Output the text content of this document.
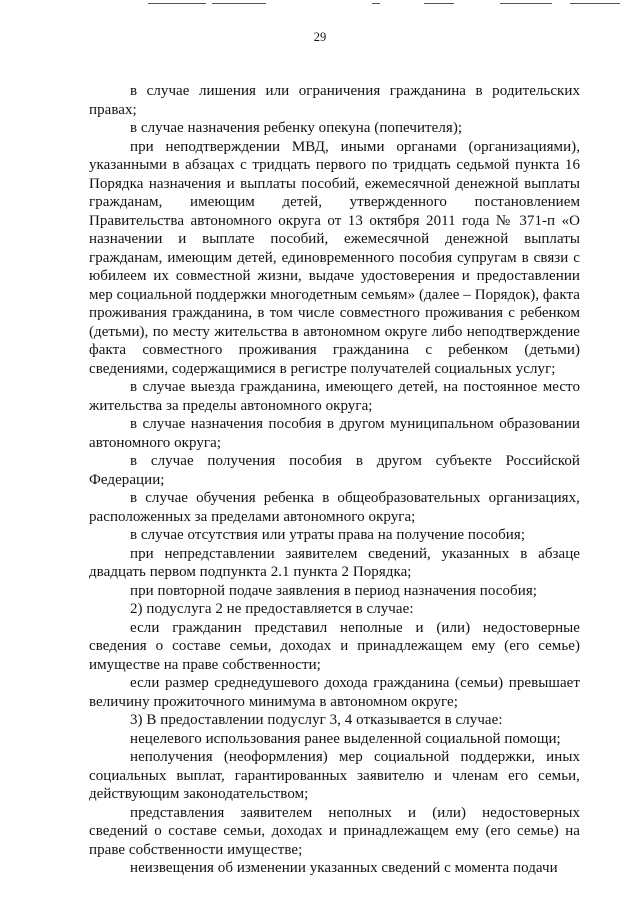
29

в случае лишения или ограничения гражданина в родительских правах;

в случае назначения ребенку опекуна (попечителя);

при неподтверждении МВД, иными органами (организациями), указанными в абзацах с тридцать первого по тридцать седьмой пункта 16 Порядка назначения и выплаты пособий, ежемесячной денежной выплаты гражданам, имеющим детей, утвержденного постановлением Правительства автономного округа от 13 октября 2011 года № 371-п «О назначении и выплате пособий, ежемесячной денежной выплаты гражданам, имеющим детей, единовременного пособия супругам в связи с юбилеем их совместной жизни, выдаче удостоверения и предоставлении мер социальной поддержки многодетным семьям» (далее – Порядок), факта проживания гражданина, в том числе совместного проживания с ребенком (детьми), по месту жительства в автономном округе либо неподтверждение факта совместного проживания гражданина с ребенком (детьми) сведениями, содержащимися в регистре получателей социальных услуг;

в случае выезда гражданина, имеющего детей, на постоянное место жительства за пределы автономного округа;

в случае назначения пособия в другом муниципальном образовании автономного округа;

в случае получения пособия в другом субъекте Российской Федерации;

в случае обучения ребенка в общеобразовательных организациях, расположенных за пределами автономного округа;

в случае отсутствия или утраты права на получение пособия;

при непредставлении заявителем сведений, указанных в абзаце двадцать первом подпункта 2.1 пункта 2 Порядка;

при повторной подаче заявления в период назначения пособия;

2) подуслуга 2 не предоставляется в случае:

если гражданин представил неполные и (или) недостоверные сведения о составе семьи, доходах и принадлежащем ему (его семье) имуществе на праве собственности;

если размер среднедушевого дохода гражданина (семьи) превышает величину прожиточного минимума в автономном округе;

3) В предоставлении подуслуг 3, 4 отказывается в случае:

нецелевого использования ранее выделенной социальной помощи;

неполучения (неоформления) мер социальной поддержки, иных социальных выплат, гарантированных заявителю и членам его семьи, действующим законодательством;

представления заявителем неполных и (или) недостоверных сведений о составе семьи, доходах и принадлежащем ему (его семье) на праве собственности имуществе;

неизвещения об изменении указанных сведений с момента подачи
